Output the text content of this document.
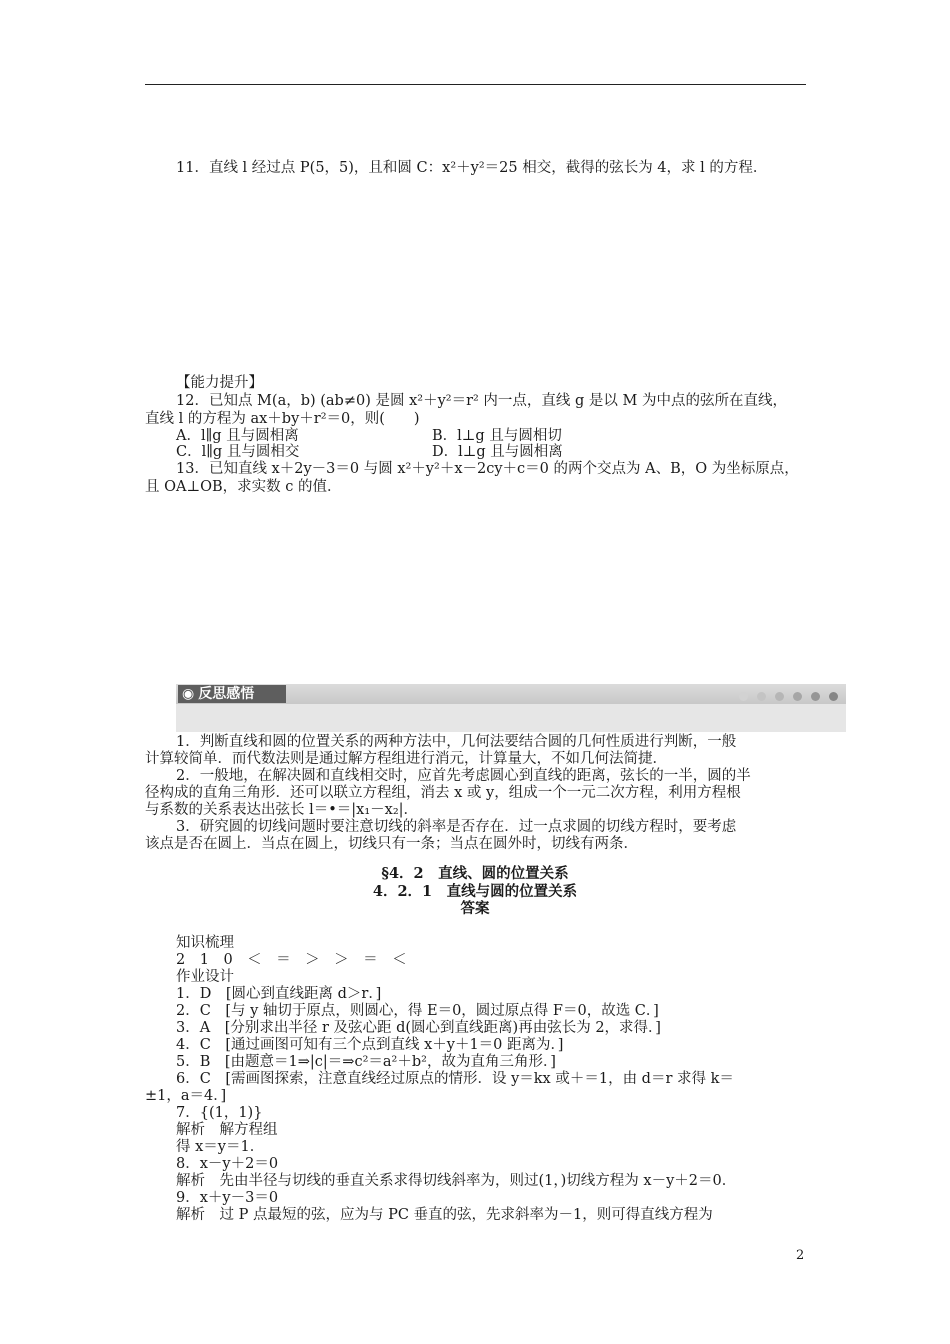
11．直线 l 经过点 P(5，5)，且和圆 C：x²＋y²＝25 相交，截得的弦长为 4，求 l 的方程．
【能力提升】
12．已知点 M(a，b) (ab≠0) 是圆 x²＋y²＝r² 内一点，直线 g 是以 M 为中点的弦所在直线，
直线 l 的方程为 ax＋by＋r²＝0，则(　　)
A．l∥g 且与圆相离	B．l⊥g 且与圆相切
C．l∥g 且与圆相交	D．l⊥g 且与圆相离
13．已知直线 x＋2y－3＝0 与圆 x²＋y²＋x－2cy＋c＝0 的两个交点为 A、B，O 为坐标原点，
且 OA⊥OB，求实数 c 的值．
◉ 反思感悟
1．判断直线和圆的位置关系的两种方法中，几何法要结合圆的几何性质进行判断，一般
计算较简单．而代数法则是通过解方程组进行消元，计算量大，不如几何法简捷．
2．一般地，在解决圆和直线相交时，应首先考虑圆心到直线的距离，弦长的一半，圆的半
径构成的直角三角形．还可以联立方程组，消去 x 或 y，组成一个一元二次方程，利用方程根
与系数的关系表达出弦长 l＝•＝|x₁－x₂|．
3．研究圆的切线问题时要注意切线的斜率是否存在．过一点求圆的切线方程时，要考虑
该点是否在圆上．当点在圆上，切线只有一条；当点在圆外时，切线有两条．
§4．2　直线、圆的位置关系
4．2．1　直线与圆的位置关系
答案
知识梳理
2　1　0　＜　＝　＞　＞　＝　＜
作业设计
1．D　[圆心到直线距离 d＞r．]
2．C　[与 y 轴切于原点，则圆心，得 E＝0，圆过原点得 F＝0，故选 C．]
3．A　[分别求出半径 r 及弦心距 d(圆心到直线距离)再由弦长为 2，求得．]
4．C　[通过画图可知有三个点到直线 x＋y＋1＝0 距离为．]
5．B　[由题意＝1⇒|c|＝⇒c²＝a²＋b²，故为直角三角形．]
6．C　[需画图探索，注意直线经过原点的情形．设 y＝kx 或＋＝1，由 d＝r 求得 k＝
±1，a＝4．]
7．{(1，1)}
解析　解方程组
得 x＝y＝1．
8．x－y＋2＝0
解析　先由半径与切线的垂直关系求得切线斜率为，则过(1，)切线方程为 x－y＋2＝0．
9．x＋y－3＝0
解析　过 P 点最短的弦，应为与 PC 垂直的弦，先求斜率为－1，则可得直线方程为
2
